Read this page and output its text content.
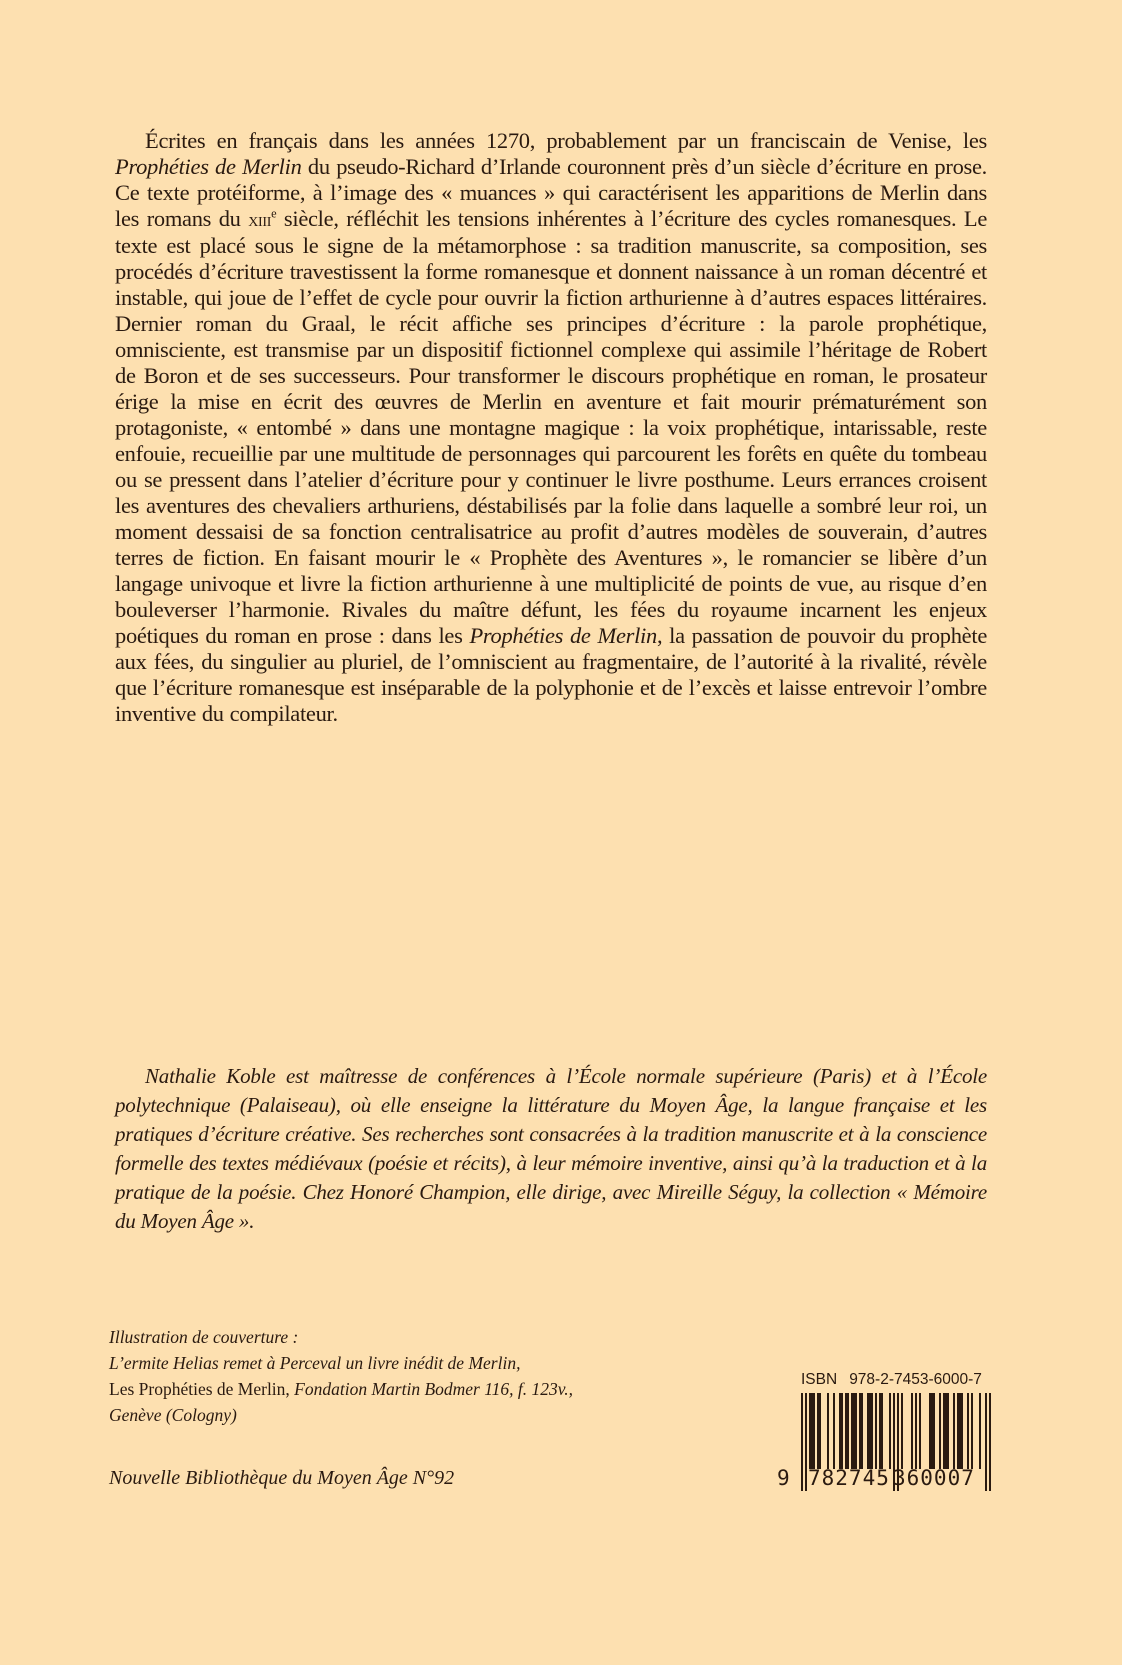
Écrites en français dans les années 1270, probablement par un franciscain de Venise, les Prophéties de Merlin du pseudo-Richard d’Irlande couronnent près d’un siècle d’écriture en prose. Ce texte protéiforme, à l’image des « muances » qui caractérisent les apparitions de Merlin dans les romans du xiii$^e$ siècle, réfléchit les tensions inhérentes à l’écriture des cycles romanesques. Le texte est placé sous le signe de la métamorphose : sa tradition manuscrite, sa composition, ses procédés d’écriture travestissent la forme romanesque et donnent naissance à un roman décentré et instable, qui joue de l’effet de cycle pour ouvrir la fiction arthurienne à d’autres espaces littéraires. Dernier roman du Graal, le récit affiche ses principes d’écriture : la parole prophétique, omnisciente, est transmise par un dispositif fictionnel complexe qui assimile l’héritage de Robert de Boron et de ses successeurs. Pour transformer le discours prophétique en roman, le prosateur érige la mise en écrit des œuvres de Merlin en aventure et fait mourir prématurément son protagoniste, « entombé » dans une montagne magique : la voix prophétique, intarissable, reste enfouie, recueillie par une multitude de personnages qui parcourent les forêts en quête du tombeau ou se pressent dans l’atelier d’écriture pour y continuer le livre posthume. Leurs errances croisent les aventures des chevaliers arthuriens, déstabilisés par la folie dans laquelle a sombré leur roi, un moment dessaisi de sa fonction centralisatrice au profit d’autres modèles de souverain, d’autres terres de fiction. En faisant mourir le « Prophète des Aventures », le romancier se libère d’un langage univoque et livre la fiction arthurienne à une multiplicité de points de vue, au risque d’en bouleverser l’harmonie. Rivales du maître défunt, les fées du royaume incarnent les enjeux poétiques du roman en prose : dans les Prophéties de Merlin, la passation de pouvoir du prophète aux fées, du singulier au pluriel, de l’omniscient au fragmentaire, de l’autorité à la rivalité, révèle que l’écriture romanesque est inséparable de la polyphonie et de l’excès et laisse entrevoir l’ombre inventive du compilateur.

Nathalie Koble est maîtresse de conférences à l’École normale supérieure (Paris) et à l’École polytechnique (Palaiseau), où elle enseigne la littérature du Moyen Âge, la langue française et les pratiques d’écriture créative. Ses recherches sont consacrées à la tradition manuscrite et à la conscience formelle des textes médiévaux (poésie et récits), à leur mémoire inventive, ainsi qu’à la traduction et à la pratique de la poésie. Chez Honoré Champion, elle dirige, avec Mireille Séguy, la collection « Mémoire du Moyen Âge ».

Illustration de couverture :
L’ermite Helias remet à Perceval un livre inédit de Merlin,
Les Prophéties de Merlin, Fondation Martin Bodmer 116, f. 123v.,
Genève (Cologny)
Nouvelle Bibliothèque du Moyen Âge N°92
ISBN 978-2-7453-6000-7
9 782745 360007
